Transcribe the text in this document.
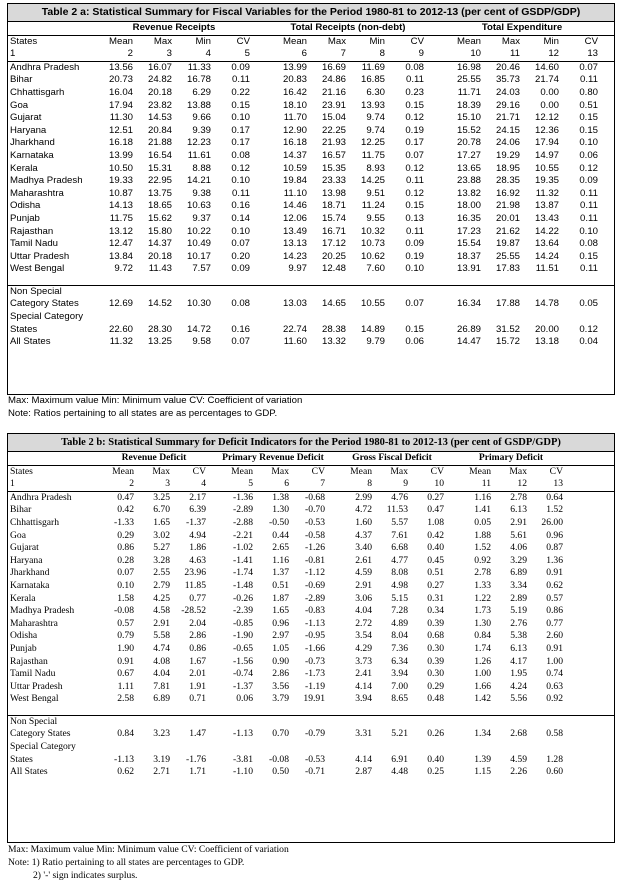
Table 2 a: Statistical Summary for Fiscal Variables for the Period 1980-81 to 2012-13 (per cent of GSDP/GDP)
Revenue Receipts	Total Receipts (non-debt)	Total Expenditure
States	Mean	Max	Min	CV	Mean	Max	Min	CV	Mean	Max	Min	CV
1	2	3	4	5	6	7	8	9	10	11	12	13
Andhra Pradesh	13.56	16.07	11.33	0.09	13.99	16.69	11.69	0.08	16.98	20.46	14.60	0.07
Bihar	20.73	24.82	16.78	0.11	20.83	24.86	16.85	0.11	25.55	35.73	21.74	0.11
Chhattisgarh	16.04	20.18	6.29	0.22	16.42	21.16	6.30	0.23	11.71	24.03	0.00	0.80
Goa	17.94	23.82	13.88	0.15	18.10	23.91	13.93	0.15	18.39	29.16	0.00	0.51
Gujarat	11.30	14.53	9.66	0.10	11.70	15.04	9.74	0.12	15.10	21.71	12.12	0.15
Haryana	12.51	20.84	9.39	0.17	12.90	22.25	9.74	0.19	15.52	24.15	12.36	0.15
Jharkhand	16.18	21.88	12.23	0.17	16.18	21.93	12.25	0.17	20.78	24.06	17.94	0.10
Karnataka	13.99	16.54	11.61	0.08	14.37	16.57	11.75	0.07	17.27	19.29	14.97	0.06
Kerala	10.50	15.31	8.88	0.12	10.59	15.35	8.93	0.12	13.65	18.95	10.55	0.12
Madhya Pradesh	19.33	22.95	14.21	0.10	19.84	23.33	14.25	0.11	23.88	28.35	19.35	0.09
Maharashtra	10.87	13.75	9.38	0.11	11.10	13.98	9.51	0.12	13.82	16.92	11.32	0.11
Odisha	14.13	18.65	10.63	0.16	14.46	18.71	11.24	0.15	18.00	21.98	13.87	0.11
Punjab	11.75	15.62	9.37	0.14	12.06	15.74	9.55	0.13	16.35	20.01	13.43	0.11
Rajasthan	13.12	15.80	10.22	0.10	13.49	16.71	10.32	0.11	17.23	21.62	14.22	0.10
Tamil Nadu	12.47	14.37	10.49	0.07	13.13	17.12	10.73	0.09	15.54	19.87	13.64	0.08
Uttar Pradesh	13.84	20.18	10.17	0.20	14.23	20.25	10.62	0.19	18.37	25.55	14.24	0.15
West Bengal	9.72	11.43	7.57	0.09	9.97	12.48	7.60	0.10	13.91	17.83	11.51	0.11
Non Special
Category States	12.69	14.52	10.30	0.08	13.03	14.65	10.55	0.07	16.34	17.88	14.78	0.05
Special Category
States	22.60	28.30	14.72	0.16	22.74	28.38	14.89	0.15	26.89	31.52	20.00	0.12
All States	11.32	13.25	9.58	0.07	11.60	13.32	9.79	0.06	14.47	15.72	13.18	0.04
Max: Maximum value Min: Minimum value CV: Coefficient of variation
Note: Ratios pertaining to all states are as percentages to GDP.
Table 2 b: Statistical Summary for Deficit Indicators for the Period 1980-81 to 2012-13 (per cent of GSDP/GDP)
Revenue Deficit	Primary Revenue Deficit	Gross Fiscal Deficit	Primary Deficit
States	Mean	Max	CV	Mean	Max	CV	Mean	Max	CV	Mean	Max	CV
1	2	3	4	5	6	7	8	9	10	11	12	13
Andhra Pradesh	0.47	3.25	2.17	-1.36	1.38	-0.68	2.99	4.76	0.27	1.16	2.78	0.64
Bihar	0.42	6.70	6.39	-2.89	1.30	-0.70	4.72	11.53	0.47	1.41	6.13	1.52
Chhattisgarh	-1.33	1.65	-1.37	-2.88	-0.50	-0.53	1.60	5.57	1.08	0.05	2.91	26.00
Goa	0.29	3.02	4.94	-2.21	0.44	-0.58	4.37	7.61	0.42	1.88	5.61	0.96
Gujarat	0.86	5.27	1.86	-1.02	2.65	-1.26	3.40	6.68	0.40	1.52	4.06	0.87
Haryana	0.28	3.28	4.63	-1.41	1.16	-0.81	2.61	4.77	0.45	0.92	3.29	1.36
Jharkhand	0.07	2.55	23.96	-1.74	1.37	-1.12	4.59	8.08	0.51	2.78	6.89	0.91
Karnataka	0.10	2.79	11.85	-1.48	0.51	-0.69	2.91	4.98	0.27	1.33	3.34	0.62
Kerala	1.58	4.25	0.77	-0.26	1.87	-2.89	3.06	5.15	0.31	1.22	2.89	0.57
Madhya Pradesh	-0.08	4.58	-28.52	-2.39	1.65	-0.83	4.04	7.28	0.34	1.73	5.19	0.86
Maharashtra	0.57	2.91	2.04	-0.85	0.96	-1.13	2.72	4.89	0.39	1.30	2.76	0.77
Odisha	0.79	5.58	2.86	-1.90	2.97	-0.95	3.54	8.04	0.68	0.84	5.38	2.60
Punjab	1.90	4.74	0.86	-0.65	1.05	-1.66	4.29	7.36	0.30	1.74	6.13	0.91
Rajasthan	0.91	4.08	1.67	-1.56	0.90	-0.73	3.73	6.34	0.39	1.26	4.17	1.00
Tamil Nadu	0.67	4.04	2.01	-0.74	2.86	-1.73	2.41	3.94	0.30	1.00	1.95	0.74
Uttar Pradesh	1.11	7.81	1.91	-1.37	3.56	-1.19	4.14	7.00	0.29	1.66	4.24	0.63
West Bengal	2.58	6.89	0.71	0.06	3.79	19.91	3.94	8.65	0.48	1.42	5.56	0.92
Non Special
Category States	0.84	3.23	1.47	-1.13	0.70	-0.79	3.31	5.21	0.26	1.34	2.68	0.58
Special Category
States	-1.13	3.19	-1.76	-3.81	-0.08	-0.53	4.14	6.91	0.40	1.39	4.59	1.28
All States	0.62	2.71	1.71	-1.10	0.50	-0.71	2.87	4.48	0.25	1.15	2.26	0.60
Max: Maximum value Min: Minimum value CV: Coefficient of variation
Note: 1) Ratio pertaining to all states are percentages to GDP.
2) '-' sign indicates surplus.
